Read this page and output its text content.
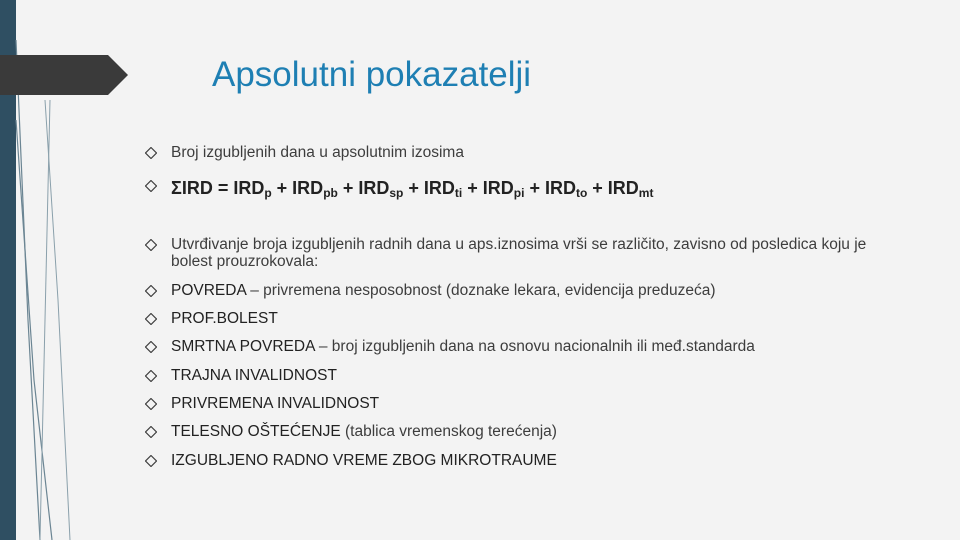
Apsolutni pokazatelji
Broj izgubljenih dana u apsolutnim izosima
$\Sigma IRD = IRD_p + IRD_{pb} + IRD_{sp} + IRD_{ti} + IRD_{pi} + IRD_{to} + IRD_{mt}$
Utvrđivanje broja izgubljenih radnih dana u aps.iznosima vrši se različito, zavisno od posledica koju je bolest prouzrokovala:
POVREDA – privremena nesposobnost (doznake lekara, evidencija preduzeća)
PROF.BOLEST
SMRTNA POVREDA – broj izgubljenih dana na osnovu nacionalnih ili međ.standarda
TRAJNA INVALIDNOST
PRIVREMENA INVALIDNOST
TELESNO OŠTEĆENJE (tablica vremenskog terećenja)
IZGUBLJENO RADNO VREME ZBOG MIKROTRAUME
